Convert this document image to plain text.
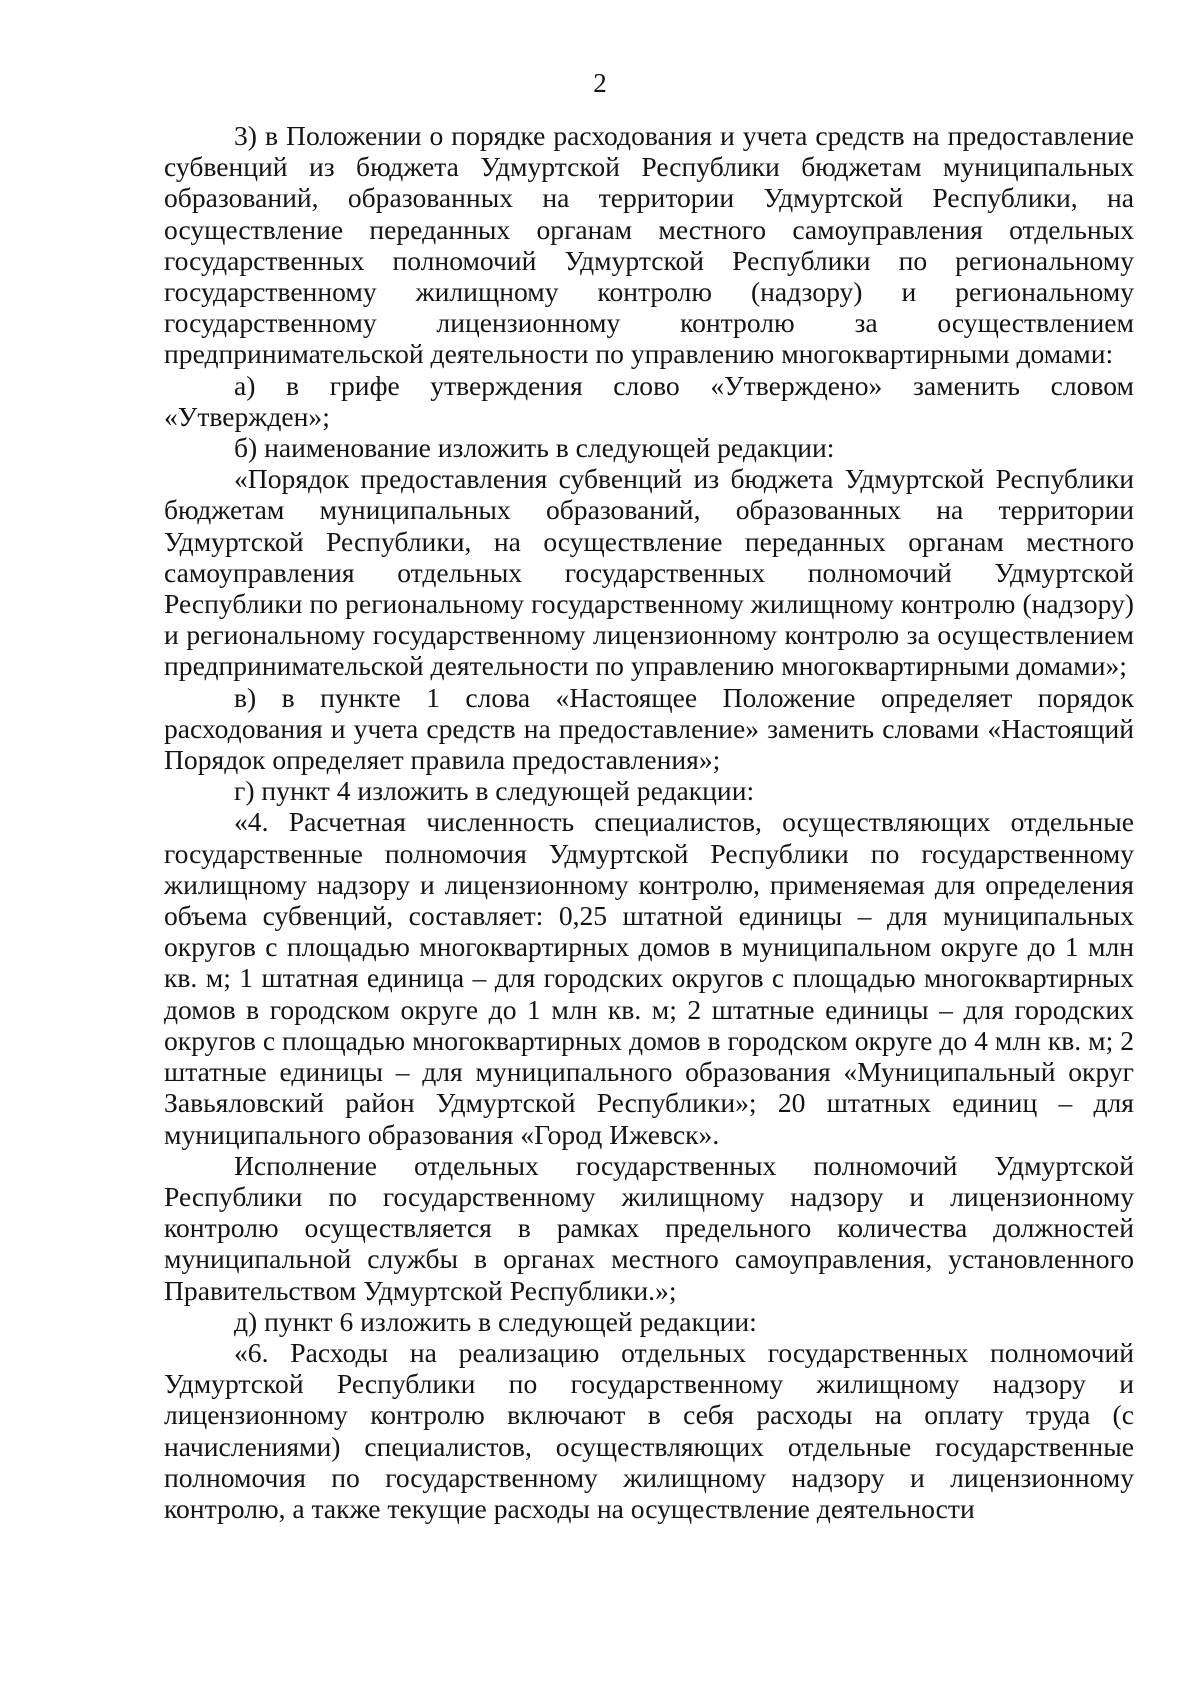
2

3) в Положении о порядке расходования и учета средств на предоставление субвенций из бюджета Удмуртской Республики бюджетам муниципальных образований, образованных на территории Удмуртской Республики, на осуществление переданных органам местного самоуправления отдельных государственных полномочий Удмуртской Республики по региональному государственному жилищному контролю (надзору) и региональному государственному лицензионному контролю за осуществлением предпринимательской деятельности по управлению многоквартирными домами:

а) в грифе утверждения слово «Утверждено» заменить словом «Утвержден»;

б) наименование изложить в следующей редакции:

«Порядок предоставления субвенций из бюджета Удмуртской Республики бюджетам муниципальных образований, образованных на территории Удмуртской Республики, на осуществление переданных органам местного самоуправления отдельных государственных полномочий Удмуртской Республики по региональному государственному жилищному контролю (надзору) и региональному государственному лицензионному контролю за осуществлением предпринимательской деятельности по управлению многоквартирными домами»;

в) в пункте 1 слова «Настоящее Положение определяет порядок расходования и учета средств на предоставление» заменить словами «Настоящий Порядок определяет правила предоставления»;

г) пункт 4 изложить в следующей редакции:

«4. Расчетная численность специалистов, осуществляющих отдельные государственные полномочия Удмуртской Республики по государственному жилищному надзору и лицензионному контролю, применяемая для определения объема субвенций, составляет: 0,25 штатной единицы – для муниципальных округов с площадью многоквартирных домов в муниципальном округе до 1 млн кв. м; 1 штатная единица – для городских округов с площадью многоквартирных домов в городском округе до 1 млн кв. м; 2 штатные единицы – для городских округов с площадью многоквартирных домов в городском округе до 4 млн кв. м; 2 штатные единицы – для муниципального образования «Муниципальный округ Завьяловский район Удмуртской Республики»; 20 штатных единиц – для муниципального образования «Город Ижевск».

Исполнение отдельных государственных полномочий Удмуртской Республики по государственному жилищному надзору и лицензионному контролю осуществляется в рамках предельного количества должностей муниципальной службы в органах местного самоуправления, установленного Правительством Удмуртской Республики.»;

д) пункт 6 изложить в следующей редакции:

«6. Расходы на реализацию отдельных государственных полномочий Удмуртской Республики по государственному жилищному надзору и лицензионному контролю включают в себя расходы на оплату труда (с начислениями) специалистов, осуществляющих отдельные государственные полномочия по государственному жилищному надзору и лицензионному контролю, а также текущие расходы на осуществление деятельности
